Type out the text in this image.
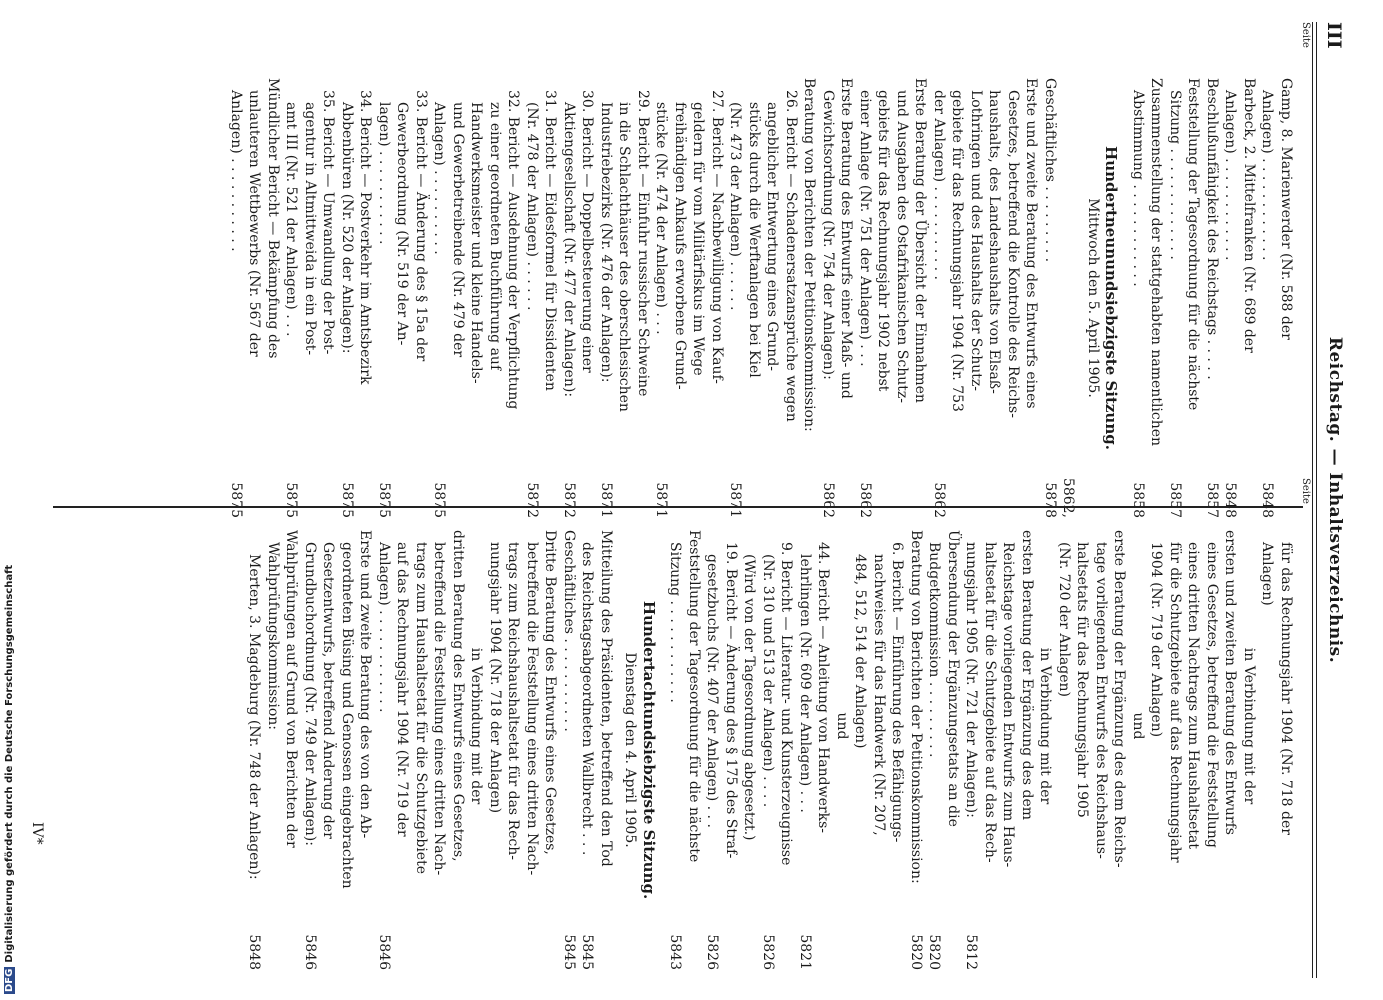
III
Reichstag. — Inhaltsverzeichnis.
Seite
Seite
Gamp, 8. Marienwerder (Nr. 588 der
Anlagen) . . . . . . . . . . . .
5848
Barbeck, 2. Mittelfranken (Nr. 689 der
Anlagen) . . . . . . . . . . . .
5848
Beschlußunfähigkeit des Reichstags . . . . .
5857
Feststellung der Tagesordnung für die nächste
Sitzung . . . . . . . . . . . . .
5857
Zusammenstellung der stattgehabten namentlichen
Abstimmung . . . . . . . . . . . .
5858
Hundertneunundsiebzigste Sitzung.
Mittwoch den 5. April 1905.
Geschäftliches . . . . . . . . .
5862, 5878
Erste und zweite Beratung des Entwurfs eines
Gesetzes, betreffend die Kontrolle des Reichs-
haushalts, des Landeshaushalts von Elsaß-
Lothringen und des Haushalts der Schutz-
gebiete für das Rechnungsjahr 1904 (Nr. 753
der Anlagen) . . . . . . . . . . .
5862
Erste Beratung der Übersicht der Einnahmen
und Ausgaben des Ostafrikanischen Schutz-
gebiets für das Rechnungsjahr 1902 nebst
einer Anlage (Nr. 751 der Anlagen) . . .
5862
Erste Beratung des Entwurfs einer Maß- und
Gewichtsordnung (Nr. 754 der Anlagen):
5862
Beratung von Berichten der Petitionskommission:
26. Bericht — Schadenersatzansprüche wegen
angeblicher Entwertung eines Grund-
stücks durch die Werftanlagen bei Kiel
(Nr. 473 der Anlagen) . . . . . .
5871
27. Bericht — Nachbewilligung von Kauf-
geldern für vom Militärfiskus im Wege
freihändigen Ankaufs erworbene Grund-
stücke (Nr. 474 der Anlagen) . . .
5871
29. Bericht — Einfuhr russischer Schweine
in die Schlachthäuser des oberschlesischen
Industriebezirks (Nr. 476 der Anlagen):
5871
30. Bericht — Doppelbesteuerung einer
Aktiengesellschaft (Nr. 477 der Anlagen):
5872
31. Bericht — Eidesformel für Dissidenten
(Nr. 478 der Anlagen) . . . . . .
5872
32. Bericht — Ausdehnung der Verpflichtung
zu einer geordneten Buchführung auf
Handwerksmeister und kleine Handels-
und Gewerbetreibende (Nr. 479 der
Anlagen) . . . . . . . . . .
5875
33. Bericht — Änderung des § 15a der
Gewerbeordnung (Nr. 519 der An-
lagen) . . . . . . . . . . .
5875
34. Bericht — Postverkehr im Amtsbezirk
Abbenbüren (Nr. 520 der Anlagen):
5875
35. Bericht — Umwandlung der Post-
agentur in Altmittweida in ein Post-
amt III (Nr. 521 der Anlagen) . . .
5875
Mündlicher Bericht — Bekämpfung des
unlauteren Wettbewerbs (Nr. 567 der
Anlagen) . . . . . . . . . . .
5875
für das Rechnungsjahr 1904 (Nr. 718 der
Anlagen)
in Verbindung mit der
ersten und zweiten Beratung des Entwurfs
eines Gesetzes, betreffend die Feststellung
eines dritten Nachtrags zum Haushaltsetat
für die Schutzgebiete auf das Rechnungsjahr
1904 (Nr. 719 der Anlagen)
und
erste Beratung der Ergänzung des dem Reichs-
tage vorliegenden Entwurfs des Reichshaus-
haltsetats für das Rechnungsjahr 1905
(Nr. 720 der Anlagen)
in Verbindung mit der
ersten Beratung der Ergänzung des dem
Reichstage vorliegenden Entwurfs zum Haus-
haltsetat für die Schutzgebiete auf das Rech-
nungsjahr 1905 (Nr. 721 der Anlagen):
5812
Übersendung der Ergänzungsetats an die
Budgetkommission . . . . . . . . .
5820
Beratung von Berichten der Petitionskommission:
5820
6. Bericht — Einführung des Befähigungs-
nachweises für das Handwerk (Nr. 207,
484, 512, 514 der Anlagen)
und
44. Bericht — Anleitung von Handwerks-
lehrlingen (Nr. 609 der Anlagen) . . .
5821
9. Bericht — Literatur- und Kunsterzeugnisse
(Nr. 310 und 513 der Anlagen) . . . .
5826
(Wird von der Tagesordnung abgesetzt.)
19. Bericht — Änderung des § 175 des Straf-
gesetzbuchs (Nr. 407 der Anlagen) . . .
5826
Feststellung der Tagesordnung für die nächste
Sitzung . . . . . . . . . . . .
5843
Hundertachtundsiebzigste Sitzung.
Dienstag den 4. April 1905.
Mitteilung des Präsidenten, betreffend den Tod
des Reichstagsabgeordneten Wallbrecht . . .
5845
Geschäftliches . . . . . . . . . . .
5845
Dritte Beratung des Entwurfs eines Gesetzes,
betreffend die Feststellung eines dritten Nach-
trags zum Reichshaushaltsetat für das Rech-
nungsjahr 1904 (Nr. 718 der Anlagen)
in Verbindung mit der
dritten Beratung des Entwurfs eines Gesetzes,
betreffend die Feststellung eines dritten Nach-
trags zum Haushaltsetat für die Schutzgebiete
auf das Rechnungsjahr 1904 (Nr. 719 der
Anlagen) . . . . . . . . . . . .
5846
Erste und zweite Beratung des von den Ab-
geordneten Büsing und Genossen eingebrachten
Gesetzentwurfs, betreffend Änderung der
Grundbuchordnung (Nr. 749 der Anlagen):
5846
Wahlprüfungen auf Grund von Berichten der
Wahlprüfungskommission:
Merten, 3. Magdeburg (Nr. 748 der Anlagen):
5848
IV*
DFGDigitalisierung gefördert durch die Deutsche Forschungsgemeinschaft
